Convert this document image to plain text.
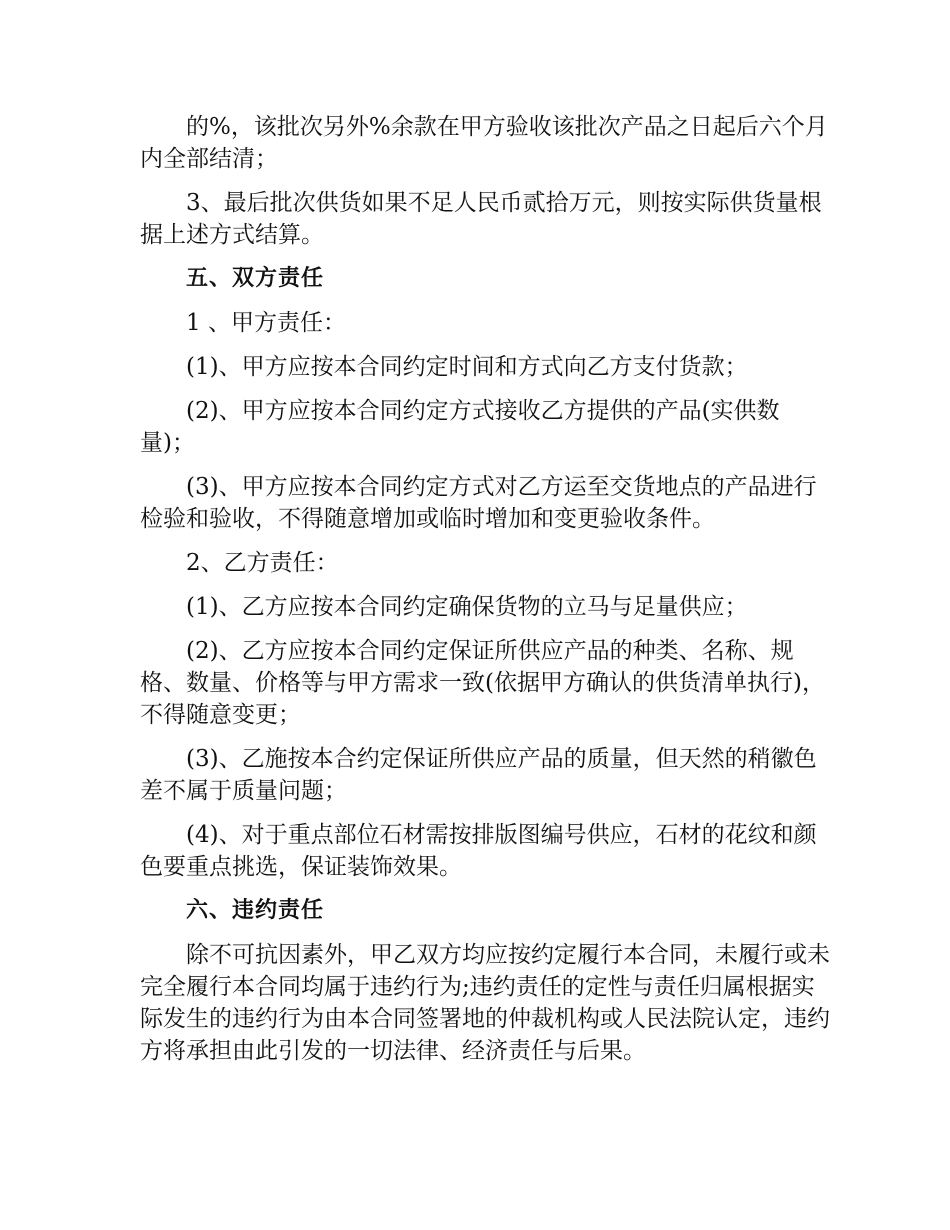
的%，该批次另外%余款在甲方验收该批次产品之日起后六个月内全部结清；

3、最后批次供货如果不足人民币贰拾万元，则按实际供货量根据上述方式结算。

五、双方责任

1 、甲方责任：

(1)、甲方应按本合同约定时间和方式向乙方支付货款；

(2)、甲方应按本合同约定方式接收乙方提供的产品(实供数量)；

(3)、甲方应按本合同约定方式对乙方运至交货地点的产品进行检验和验收，不得随意增加或临时增加和变更验收条件。

2、乙方责任：

(1)、乙方应按本合同约定确保货物的立马与足量供应；

(2)、乙方应按本合同约定保证所供应产品的种类、名称、规格、数量、价格等与甲方需求一致(依据甲方确认的供货清单执行)，不得随意变更；

(3)、乙施按本合约定保证所供应产品的质量，但天然的稍徽色差不属于质量问题；

(4)、对于重点部位石材需按排版图编号供应，石材的花纹和颜色要重点挑选，保证装饰效果。

六、违约责任

除不可抗因素外，甲乙双方均应按约定履行本合同，未履行或未完全履行本合同均属于违约行为;违约责任的定性与责任归属根据实际发生的违约行为由本合同签署地的仲裁机构或人民法院认定，违约方将承担由此引发的一切法律、经济责任与后果。
